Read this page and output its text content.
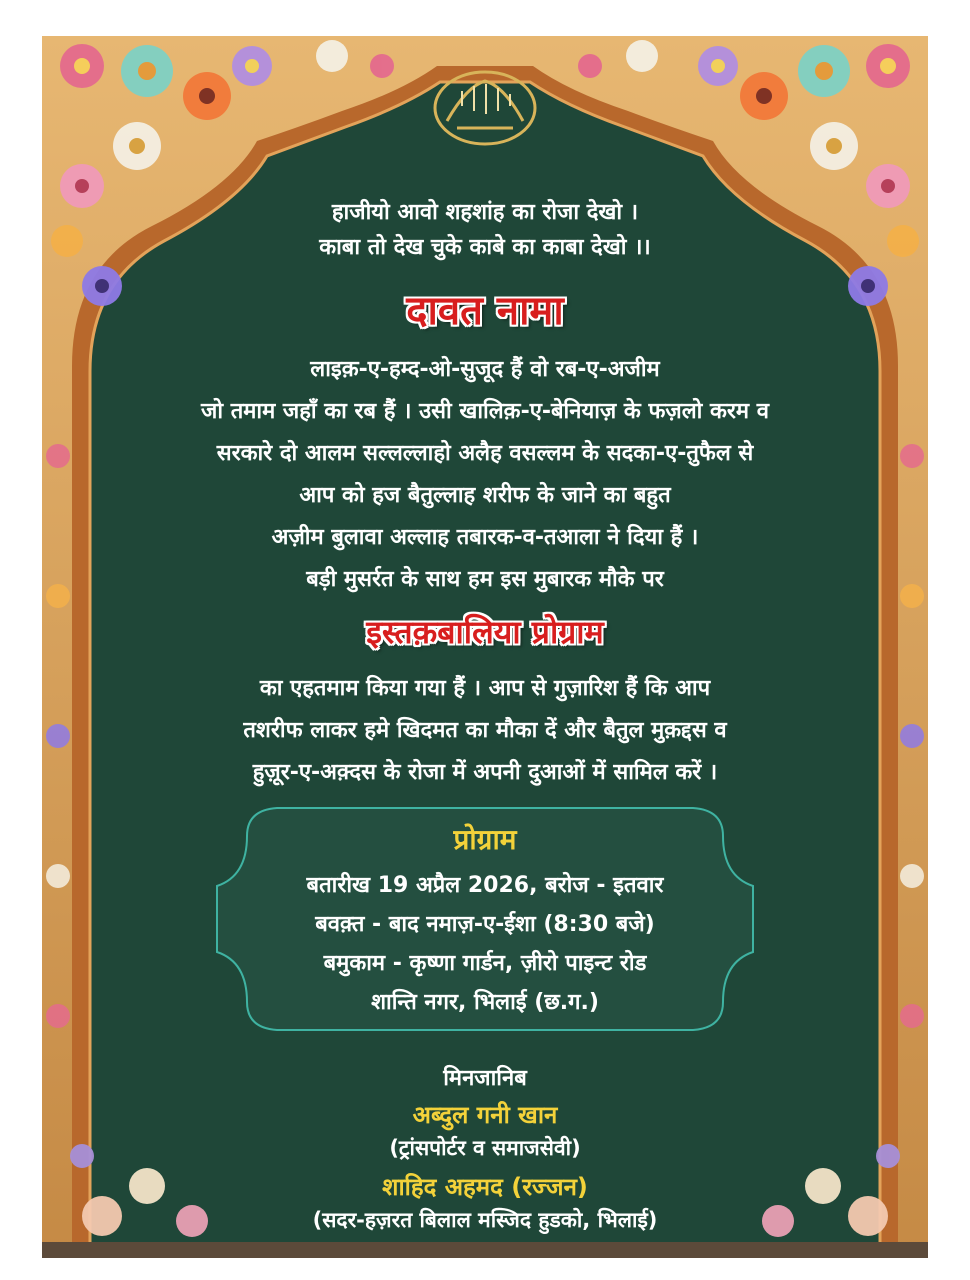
हाजीयो आवो शहशांह का रोजा देखो ।

काबा तो देख चुके काबे का काबा देखो ।।

दावत नामा

लाइक़-ए-हम्द-ओ-सुजूद हैं वो रब-ए-अजीम

जो तमाम जहाँ का रब हैं । उसी खालिक़-ए-बेनियाज़ के फज़लो करम व

सरकारे दो आलम सल्लल्लाहो अलैह वसल्लम के सदका-ए-तुफैल से

आप को हज बैतुल्लाह शरीफ के जाने का बहुत

अज़ीम बुलावा अल्लाह तबारक-व-तआला ने दिया हैं ।

बड़ी मुसर्रत के साथ हम इस मुबारक मौके पर

इस्तक़बालिया प्रोग्राम

का एहतमाम किया गया हैं । आप से गुज़ारिश हैं कि आप

तशरीफ लाकर हमे खिदमत का मौका दें और बैतुल मुक़द्दस व

हुज़ूर-ए-अक़्दस के रोजा में अपनी दुआओं में सामिल करें ।

प्रोग्राम

बतारीख 19 अप्रैल 2026, बरोज - इतवार

बवक़्त - बाद नमाज़-ए-ईशा (8:30 बजे)

बमुकाम - कृष्णा गार्डन, ज़ीरो पाइन्ट रोड

शान्ति नगर, भिलाई (छ.ग.)

मिनजानिब

अब्दुल गनी खान

(ट्रांसपोर्टर व समाजसेवी)

शाहिद अहमद (रज्जन)

(सदर-हज़रत बिलाल मस्जिद हुडको, भिलाई)
